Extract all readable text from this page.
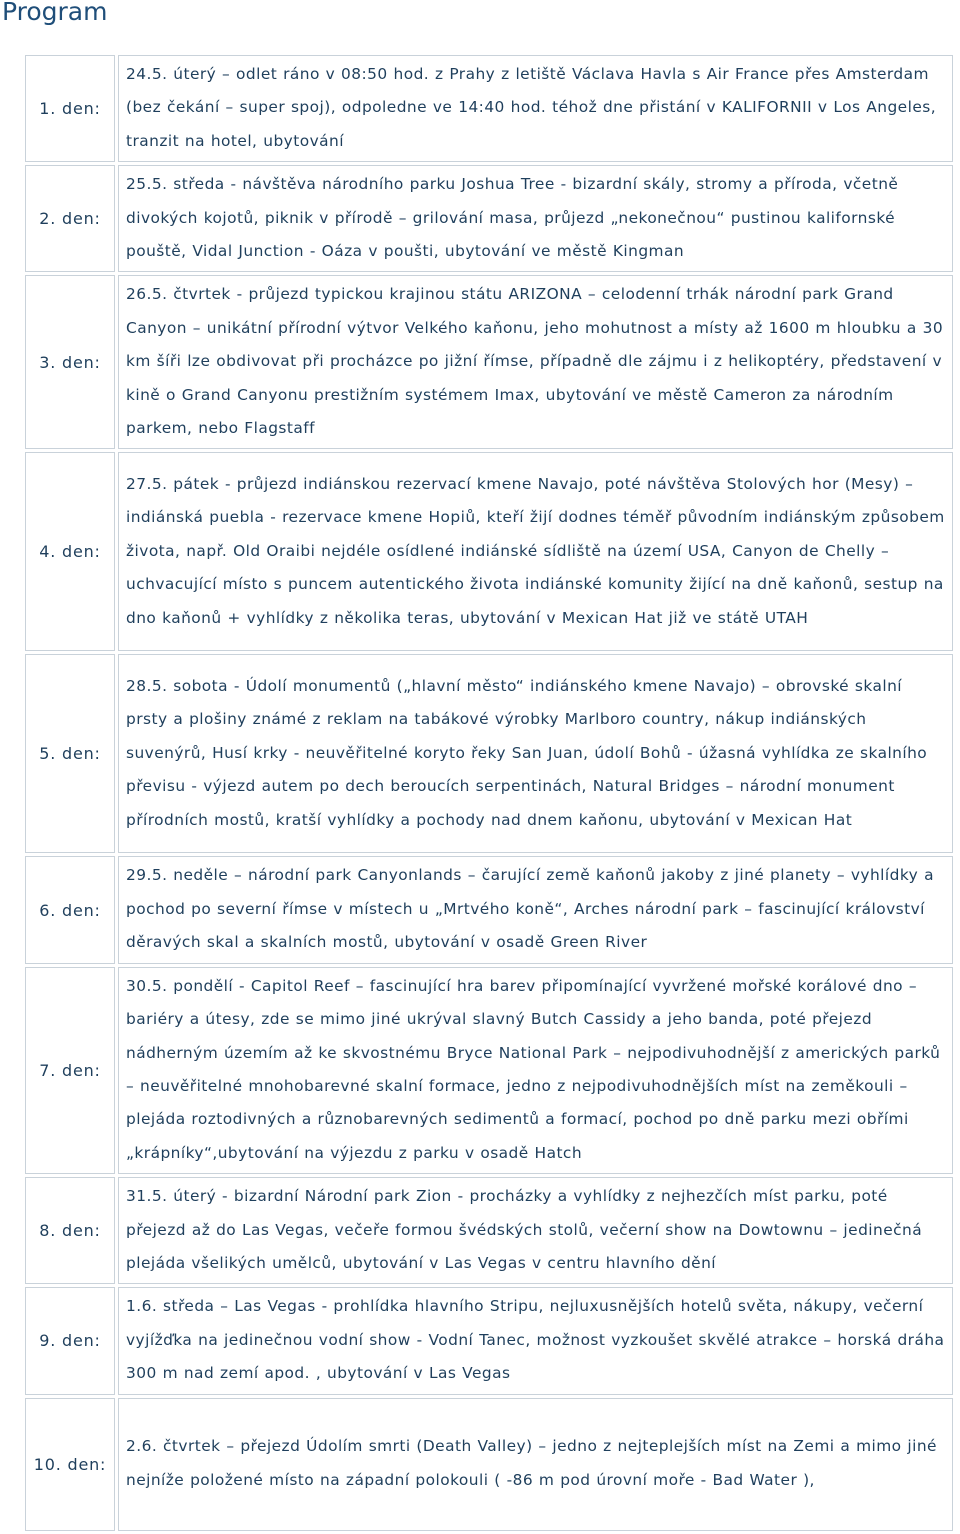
Program
1. den:	24.5. úterý – odlet ráno v 08:50 hod. z Prahy z letiště Václava Havla s Air France přes Amsterdam (bez čekání – super spoj), odpoledne ve 14:40 hod. téhož dne přistání v KALIFORNII v Los Angeles, tranzit na hotel, ubytování
2. den:	25.5. středa - návštěva národního parku Joshua Tree - bizardní skály, stromy a příroda, včetně divokých kojotů, piknik v přírodě – grilování masa, průjezd „nekonečnou“ pustinou kalifornské pouště, Vidal Junction - Oáza v poušti, ubytování ve městě Kingman
3. den:	26.5. čtvrtek - průjezd typickou krajinou státu ARIZONA – celodenní trhák národní park Grand Canyon – unikátní přírodní výtvor Velkého kaňonu, jeho mohutnost a místy až 1600 m hloubku a 30 km šíři lze obdivovat při procházce po jižní římse, případně dle zájmu i z helikoptéry, představení v kině o Grand Canyonu prestižním systémem Imax, ubytování ve městě Cameron za národním parkem, nebo Flagstaff
4. den:	27.5. pátek - průjezd indiánskou rezervací kmene Navajo, poté návštěva Stolových hor (Mesy) – indiánská puebla - rezervace kmene Hopiů, kteří žijí dodnes téměř původním indiánským způsobem života, např. Old Oraibi nejdéle osídlené indiánské sídliště na území USA, Canyon de Chelly – uchvacující místo s puncem autentického života indiánské komunity žijící na dně kaňonů, sestup na dno kaňonů + vyhlídky z několika teras, ubytování v Mexican Hat již ve státě UTAH
5. den:	28.5. sobota - Údolí monumentů („hlavní město“ indiánského kmene Navajo) – obrovské skalní prsty a plošiny známé z reklam na tabákové výrobky Marlboro country, nákup indiánských suvenýrů, Husí krky - neuvěřitelné koryto řeky San Juan, údolí Bohů - úžasná vyhlídka ze skalního převisu - výjezd autem po dech beroucích serpentinách, Natural Bridges – národní monument přírodních mostů, kratší vyhlídky a pochody nad dnem kaňonu, ubytování v Mexican Hat
6. den:	29.5. neděle – národní park Canyonlands – čarující země kaňonů jakoby z jiné planety – vyhlídky a pochod po severní římse v místech u „Mrtvého koně“, Arches národní park – fascinující království děravých skal a skalních mostů, ubytování v osadě Green River
7. den:	30.5. pondělí - Capitol Reef – fascinující hra barev připomínající vyvržené mořské korálové dno – bariéry a útesy, zde se mimo jiné ukrýval slavný Butch Cassidy a jeho banda, poté přejezd nádherným územím až ke skvostnému Bryce National Park – nejpodivuhodnější z amerických parků – neuvěřitelné mnohobarevné skalní formace, jedno z nejpodivuhodnějších míst na zeměkouli – plejáda roztodivných a různobarevných sedimentů a formací, pochod po dně parku mezi obřími „krápníky“,ubytování na výjezdu z parku v osadě Hatch
8. den:	31.5. úterý - bizardní Národní park Zion - procházky a vyhlídky z nejhezčích míst parku, poté přejezd až do Las Vegas, večeře formou švédských stolů, večerní show na Dowtownu – jedinečná plejáda všelikých umělců, ubytování v Las Vegas v centru hlavního dění
9. den:	1.6. středa – Las Vegas - prohlídka hlavního Stripu, nejluxusnějších hotelů světa, nákupy, večerní vyjížďka na jedinečnou vodní show - Vodní Tanec, možnost vyzkoušet skvělé atrakce – horská dráha 300 m nad zemí apod. , ubytování v Las Vegas
10. den:	2.6. čtvrtek – přejezd Údolím smrti (Death Valley) – jedno z nejteplejších míst na Zemi a mimo jiné nejníže položené místo na západní polokouli ( -86 m pod úrovní moře - Bad Water ),
